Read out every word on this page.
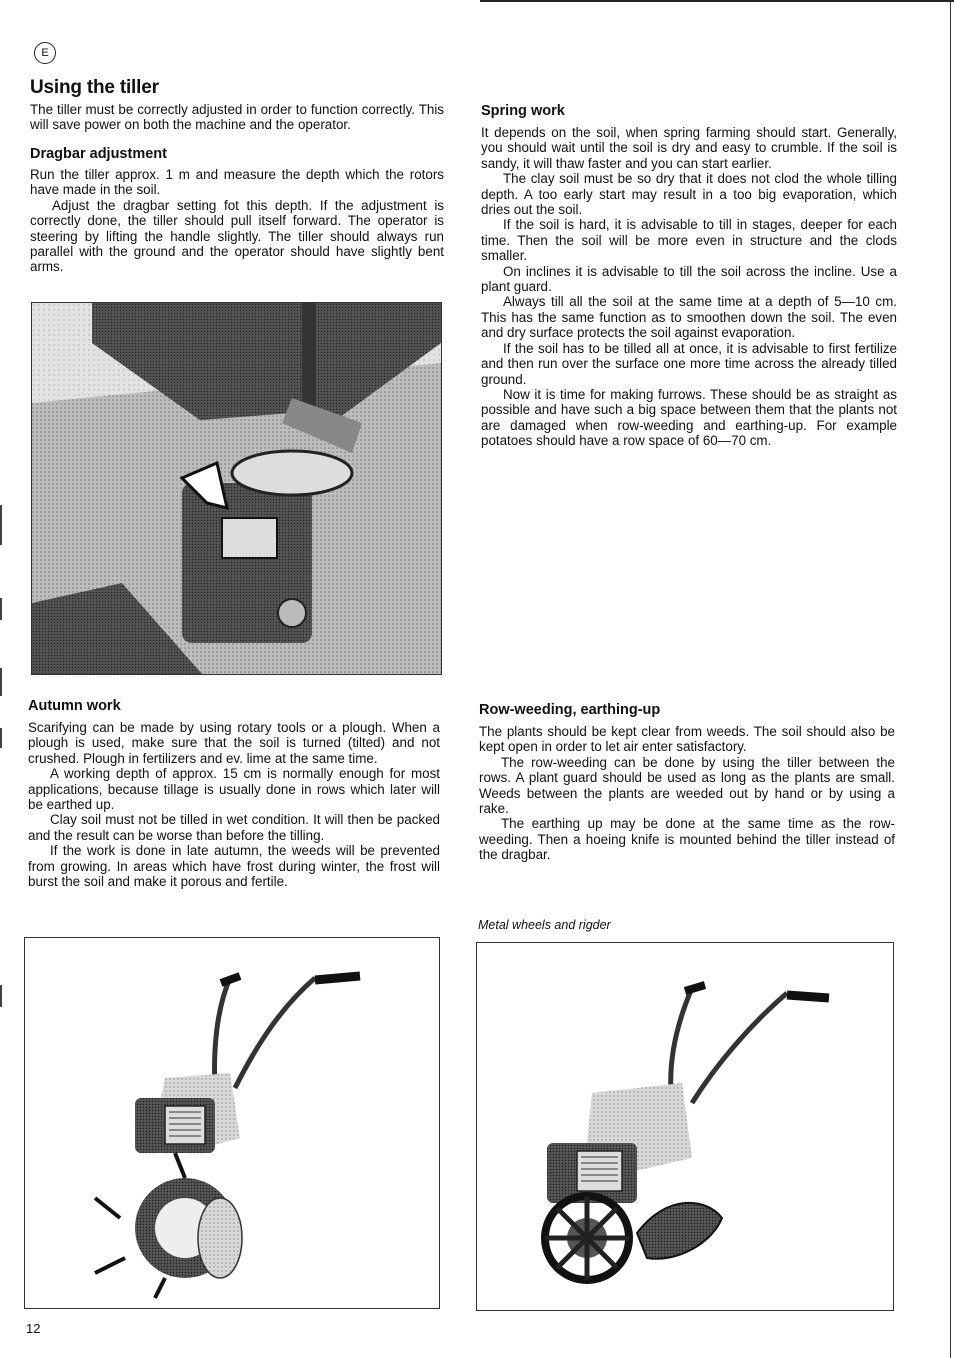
E
Using the tiller
The tiller must be correctly adjusted in order to function correctly. This will save power on both the machine and the operator.
Dragbar adjustment
Run the tiller approx. 1 m and measure the depth which the rotors have made in the soil.
Adjust the dragbar setting fot this depth. If the adjustment is correctly done, the tiller should pull itself forward. The operator is steering by lifting the handle slightly. The tiller should always run parallel with the ground and the operator should have slightly bent arms.
Spring work
It depends on the soil, when spring farming should start. Generally, you should wait until the soil is dry and easy to crumble. If the soil is sandy, it will thaw faster and you can start earlier.
The clay soil must be so dry that it does not clod the whole tilling depth. A too early start may result in a too big evaporation, which dries out the soil.
If the soil is hard, it is advisable to till in stages, deeper for each time. Then the soil will be more even in structure and the clods smaller.
On inclines it is advisable to till the soil across the incline. Use a plant guard.
Always till all the soil at the same time at a depth of 5—10 cm. This has the same function as to smoothen down the soil. The even and dry surface protects the soil against evaporation.
If the soil has to be tilled all at once, it is advisable to first fertilize and then run over the surface one more time across the already tilled ground.
Now it is time for making furrows. These should be as straight as possible and have such a big space between them that the plants not are damaged when row-weeding and earthing-up. For example potatoes should have a row space of 60—70 cm.
Autumn work
Scarifying can be made by using rotary tools or a plough. When a plough is used, make sure that the soil is turned (tilted) and not crushed. Plough in fertilizers and ev. lime at the same time.
A working depth of approx. 15 cm is normally enough for most applications, because tillage is usually done in rows which later will be earthed up.
Clay soil must not be tilled in wet condition. It will then be packed and the result can be worse than before the tilling.
If the work is done in late autumn, the weeds will be prevented from growing. In areas which have frost during winter, the frost will burst the soil and make it porous and fertile.
Row-weeding, earthing-up
The plants should be kept clear from weeds. The soil should also be kept open in order to let air enter satisfactory.
The row-weeding can be done by using the tiller between the rows. A plant guard should be used as long as the plants are small. Weeds between the plants are weeded out by hand or by using a rake.
The earthing up may be done at the same time as the row-weeding. Then a hoeing knife is mounted behind the tiller instead of the dragbar.
Metal wheels and rigder
12
